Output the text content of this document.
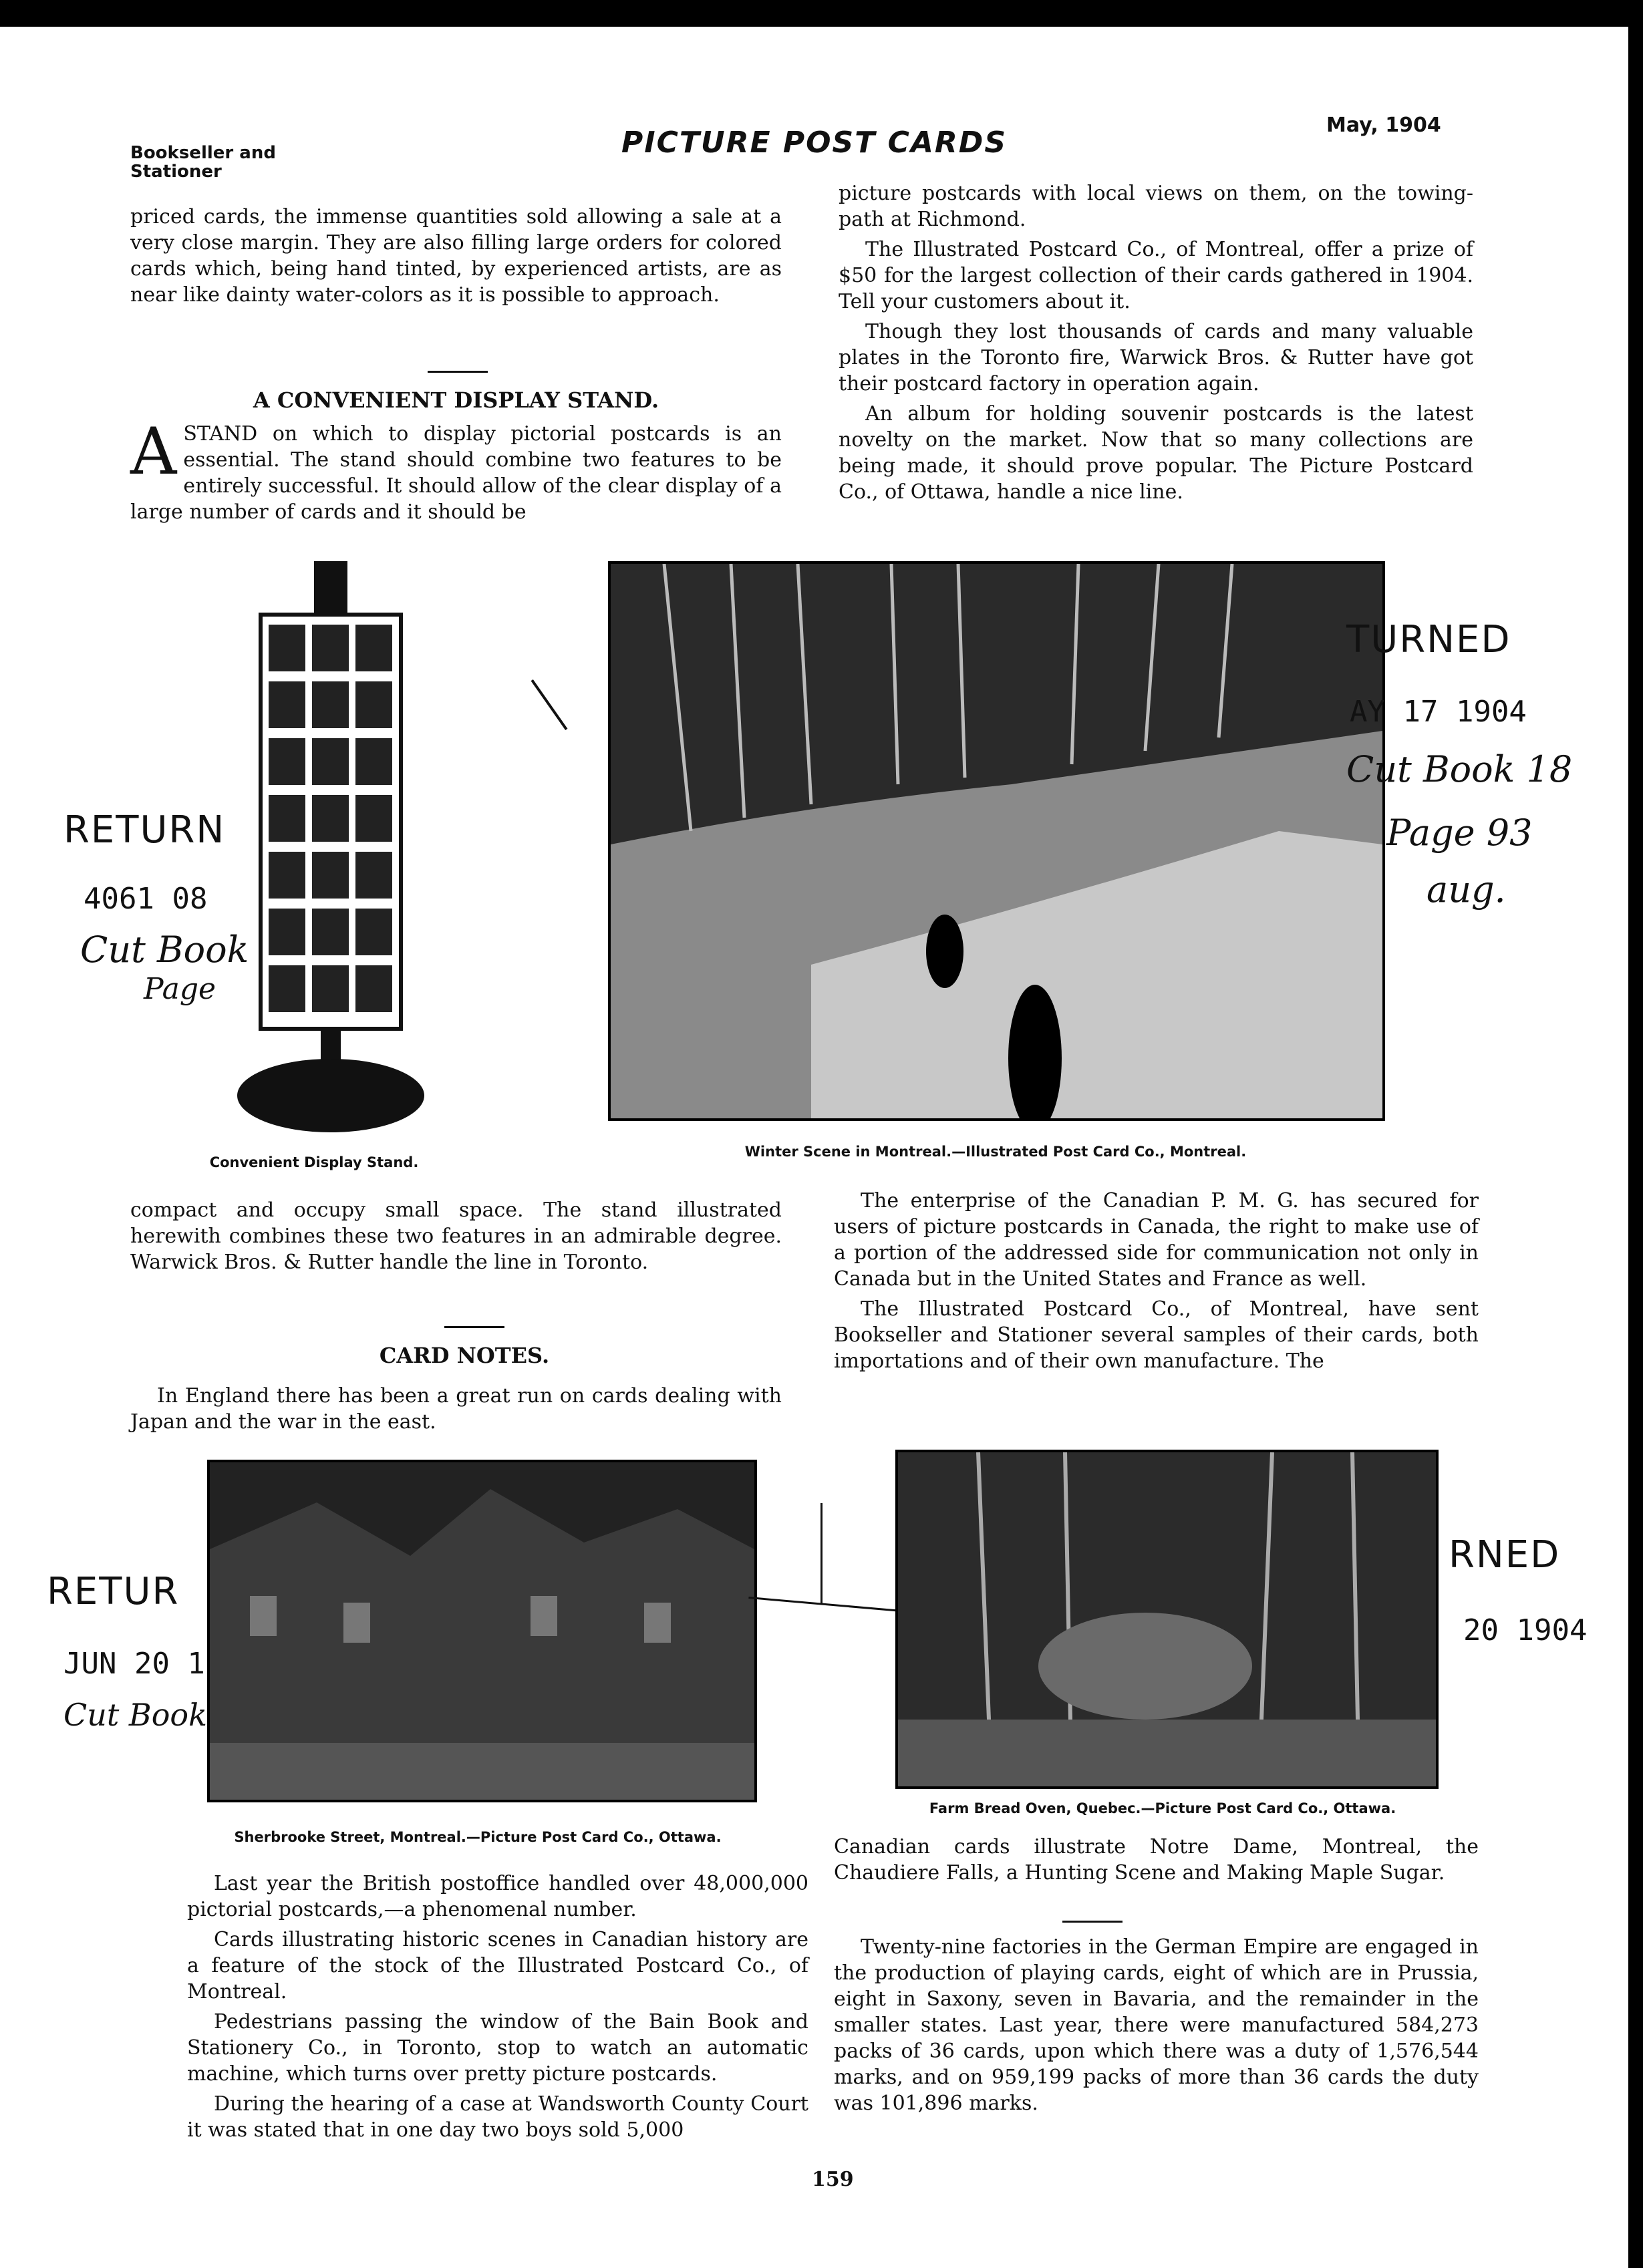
Bookseller and Stationer
PICTURE POST CARDS
May, 1904

priced cards, the immense quantities sold allowing a sale at a very close margin. They are also filling large orders for colored cards which, being hand tinted, by experienced artists, are as near like dainty water-colors as it is possible to approach.

A CONVENIENT DISPLAY STAND.

ASTAND on which to display pictorial postcards is an essential. The stand should combine two features to be entirely successful. It should allow of the clear display of a large number of cards and it should be

picture postcards with local views on them, on the towing-path at Richmond.

The Illustrated Postcard Co., of Montreal, offer a prize of $50 for the largest collection of their cards gathered in 1904. Tell your customers about it.

Though they lost thousands of cards and many valuable plates in the Toronto fire, Warwick Bros. & Rutter have got their postcard factory in operation again.

An album for holding souvenir postcards is the latest novelty on the market. Now that so many collections are being made, it should prove popular. The Picture Postcard Co., of Ottawa, handle a nice line.

RETURN
4061 08
Cut Book
Page
Convenient Display Stand.
TURNED
AY 17 1904
Cut Book 18
Page 93
aug.
Winter Scene in Montreal.—Illustrated Post Card Co., Montreal.

compact and occupy small space. The stand illustrated herewith combines these two features in an admirable degree. Warwick Bros. & Rutter handle the line in Toronto.

CARD NOTES.

In England there has been a great run on cards dealing with Japan and the war in the east.

The enterprise of the Canadian P. M. G. has secured for users of picture postcards in Canada, the right to make use of a portion of the addressed side for communication not only in Canada but in the United States and France as well.

The Illustrated Postcard Co., of Montreal, have sent Bookseller and Stationer several samples of their cards, both importations and of their own manufacture. The

RETUR
JUN 20 1
Cut Book
Sherbrooke Street, Montreal.—Picture Post Card Co., Ottawa.
RNED
20 1904
Farm Bread Oven, Quebec.—Picture Post Card Co., Ottawa.

Canadian cards illustrate Notre Dame, Montreal, the Chaudiere Falls, a Hunting Scene and Making Maple Sugar.

Twenty-nine factories in the German Empire are engaged in the production of playing cards, eight of which are in Prussia, eight in Saxony, seven in Bavaria, and the remainder in the smaller states. Last year, there were manufactured 584,273 packs of 36 cards, upon which there was a duty of 1,576,544 marks, and on 959,199 packs of more than 36 cards the duty was 101,896 marks.

Last year the British postoffice handled over 48,000,000 pictorial postcards,—a phenomenal number.

Cards illustrating historic scenes in Canadian history are a feature of the stock of the Illustrated Postcard Co., of Montreal.

Pedestrians passing the window of the Bain Book and Stationery Co., in Toronto, stop to watch an automatic machine, which turns over pretty picture postcards.

During the hearing of a case at Wandsworth County Court it was stated that in one day two boys sold 5,000

159
